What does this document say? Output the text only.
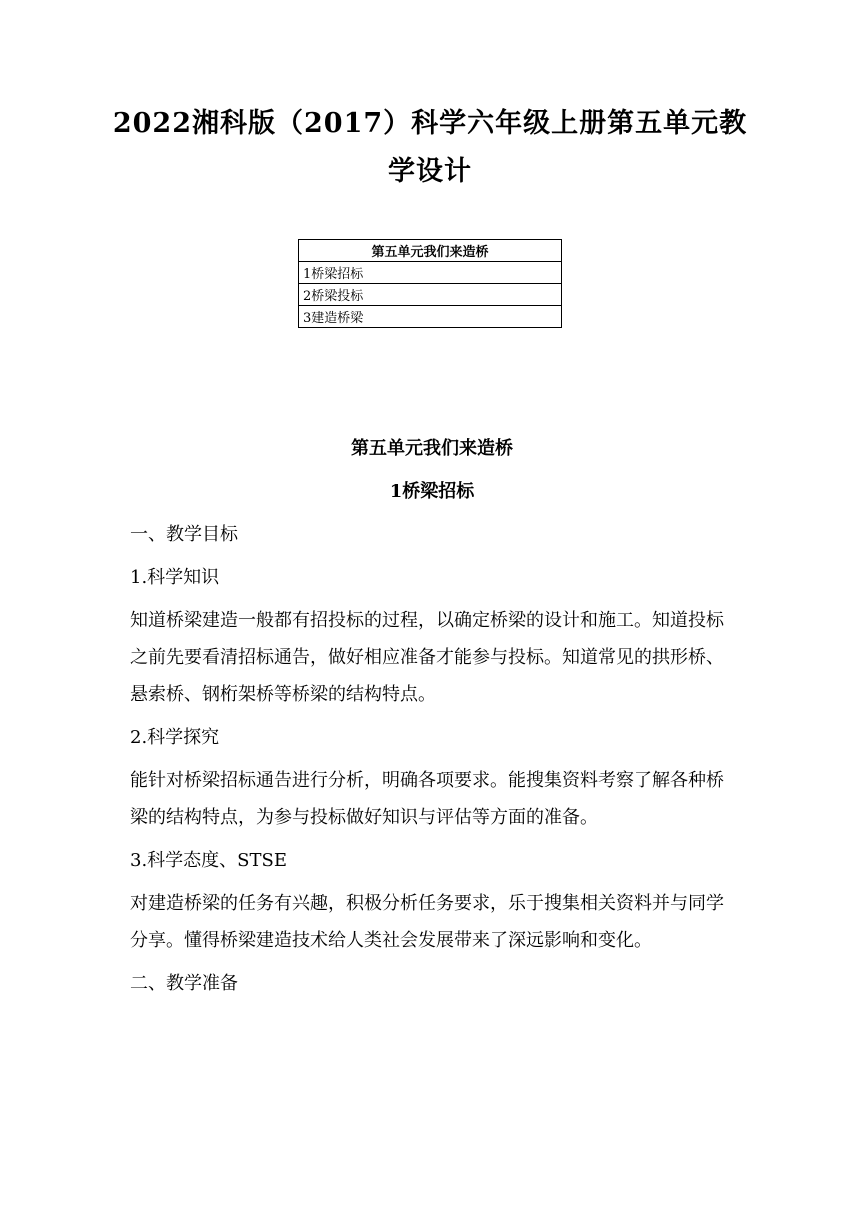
2022湘科版（2017）科学六年级上册第五单元教学设计
第五单元我们来造桥
1桥梁招标
2桥梁投标
3建造桥梁

第五单元我们来造桥

1桥梁招标

一、教学目标

1.科学知识

知道桥梁建造一般都有招投标的过程，以确定桥梁的设计和施工。知道投标之前先要看清招标通告，做好相应准备才能参与投标。知道常见的拱形桥、悬索桥、钢桁架桥等桥梁的结构特点。

2.科学探究

能针对桥梁招标通告进行分析，明确各项要求。能搜集资料考察了解各种桥梁的结构特点，为参与投标做好知识与评估等方面的准备。

3.科学态度、STSE

对建造桥梁的任务有兴趣，积极分析任务要求，乐于搜集相关资料并与同学分享。懂得桥梁建造技术给人类社会发展带来了深远影响和变化。

二、教学准备
